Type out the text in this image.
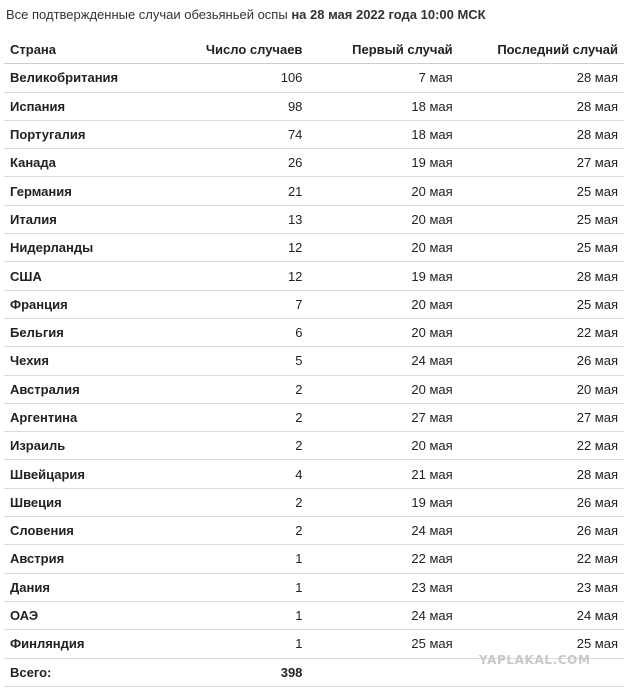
Все подтвержденные случаи обезьяньей оспы на 28 мая 2022 года 10:00 МСК
Страна	Число случаев	Первый случай	Последний случай
Великобритания	106	7 мая	28 мая
Испания	98	18 мая	28 мая
Португалия	74	18 мая	28 мая
Канада	26	19 мая	27 мая
Германия	21	20 мая	25 мая
Италия	13	20 мая	25 мая
Нидерланды	12	20 мая	25 мая
США	12	19 мая	28 мая
Франция	7	20 мая	25 мая
Бельгия	6	20 мая	22 мая
Чехия	5	24 мая	26 мая
Австралия	2	20 мая	20 мая
Аргентина	2	27 мая	27 мая
Израиль	2	20 мая	22 мая
Швейцария	4	21 мая	28 мая
Швеция	2	19 мая	26 мая
Словения	2	24 мая	26 мая
Австрия	1	22 мая	22 мая
Дания	1	23 мая	23 мая
ОАЭ	1	24 мая	24 мая
Финляндия	1	25 мая	25 мая
Всего:	398		
YAPLAKAL.COM
